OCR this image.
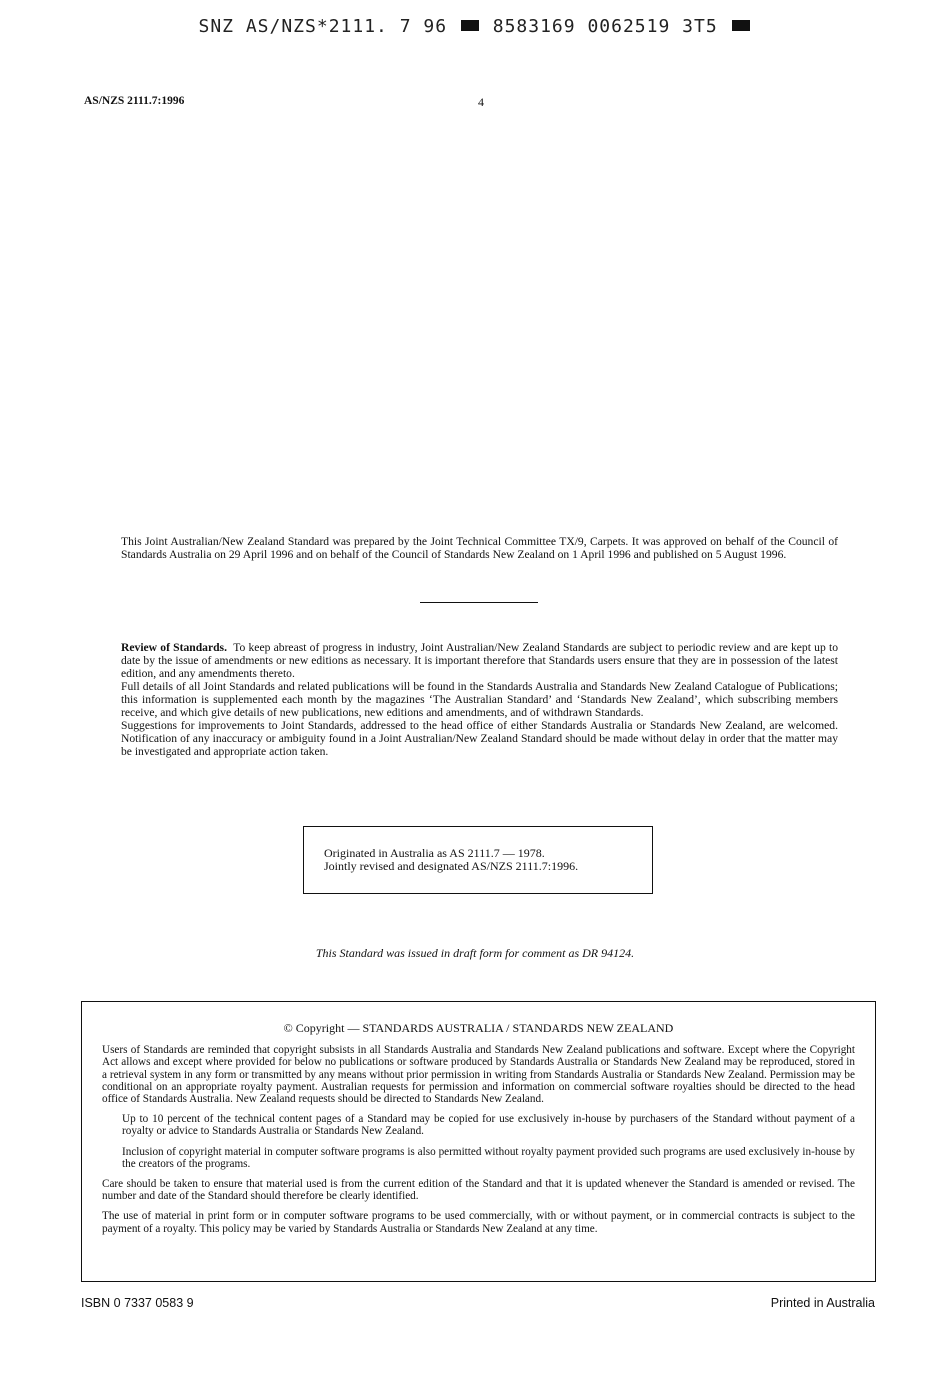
SNZ AS/NZS*2111. 7 96	8583169 0062519 3T5
AS/NZS 2111.7:1996	4
This Joint Australian/New Zealand Standard was prepared by the Joint Technical Committee TX/9, Carpets. It was approved on behalf of the Council of Standards Australia on 29 April 1996 and on behalf of the Council of Standards New Zealand on 1 April 1996 and published on 5 August 1996.

Review of Standards. To keep abreast of progress in industry, Joint Australian/New Zealand Standards are subject to periodic review and are kept up to date by the issue of amendments or new editions as necessary. It is important therefore that Standards users ensure that they are in possession of the latest edition, and any amendments thereto.

Full details of all Joint Standards and related publications will be found in the Standards Australia and Standards New Zealand Catalogue of Publications; this information is supplemented each month by the magazines ‘The Australian Standard’ and ‘Standards New Zealand’, which subscribing members receive, and which give details of new publications, new editions and amendments, and of withdrawn Standards.

Suggestions for improvements to Joint Standards, addressed to the head office of either Standards Australia or Standards New Zealand, are welcomed. Notification of any inaccuracy or ambiguity found in a Joint Australian/New Zealand Standard should be made without delay in order that the matter may be investigated and appropriate action taken.

Originated in Australia as AS 2111.7 — 1978.
Jointly revised and designated AS/NZS 2111.7:1996.
This Standard was issued in draft form for comment as DR 94124.
© Copyright — STANDARDS AUSTRALIA / STANDARDS NEW ZEALAND

Users of Standards are reminded that copyright subsists in all Standards Australia and Standards New Zealand publications and software. Except where the Copyright Act allows and except where provided for below no publications or software produced by Standards Australia or Standards New Zealand may be reproduced, stored in a retrieval system in any form or transmitted by any means without prior permission in writing from Standards Australia or Standards New Zealand. Permission may be conditional on an appropriate royalty payment. Australian requests for permission and information on commercial software royalties should be directed to the head office of Standards Australia. New Zealand requests should be directed to Standards New Zealand.

Up to 10 percent of the technical content pages of a Standard may be copied for use exclusively in-house by purchasers of the Standard without payment of a royalty or advice to Standards Australia or Standards New Zealand.

Inclusion of copyright material in computer software programs is also permitted without royalty payment provided such programs are used exclusively in-house by the creators of the programs.

Care should be taken to ensure that material used is from the current edition of the Standard and that it is updated whenever the Standard is amended or revised. The number and date of the Standard should therefore be clearly identified.

The use of material in print form or in computer software programs to be used commercially, with or without payment, or in commercial contracts is subject to the payment of a royalty. This policy may be varied by Standards Australia or Standards New Zealand at any time.

ISBN 0 7337 0583 9	Printed in Australia
